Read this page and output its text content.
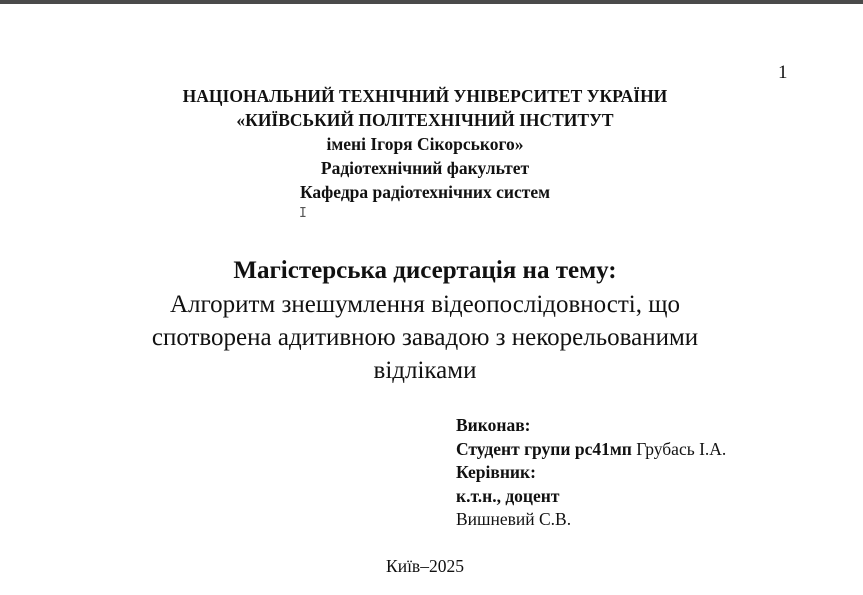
1
НАЦІОНАЛЬНИЙ ТЕХНІЧНИЙ УНІВЕРСИТЕТ УКРАЇНИ
«КИЇВСЬКИЙ ПОЛІТЕХНІЧНИЙ ІНСТИТУТ
імені Ігоря Сікорського»
Радіотехнічний факультет
Кафедра радіотехнічних систем
I
Магістерська дисертація на тему:
Алгоритм знешумлення відеопослідовності, що
спотворена адитивною завадою з некорельованими
відліками
Виконав:
Студент групи рс41мп Грубась І.А.
Керівник:
к.т.н., доцент
Вишневий С.В.
Київ–2025
